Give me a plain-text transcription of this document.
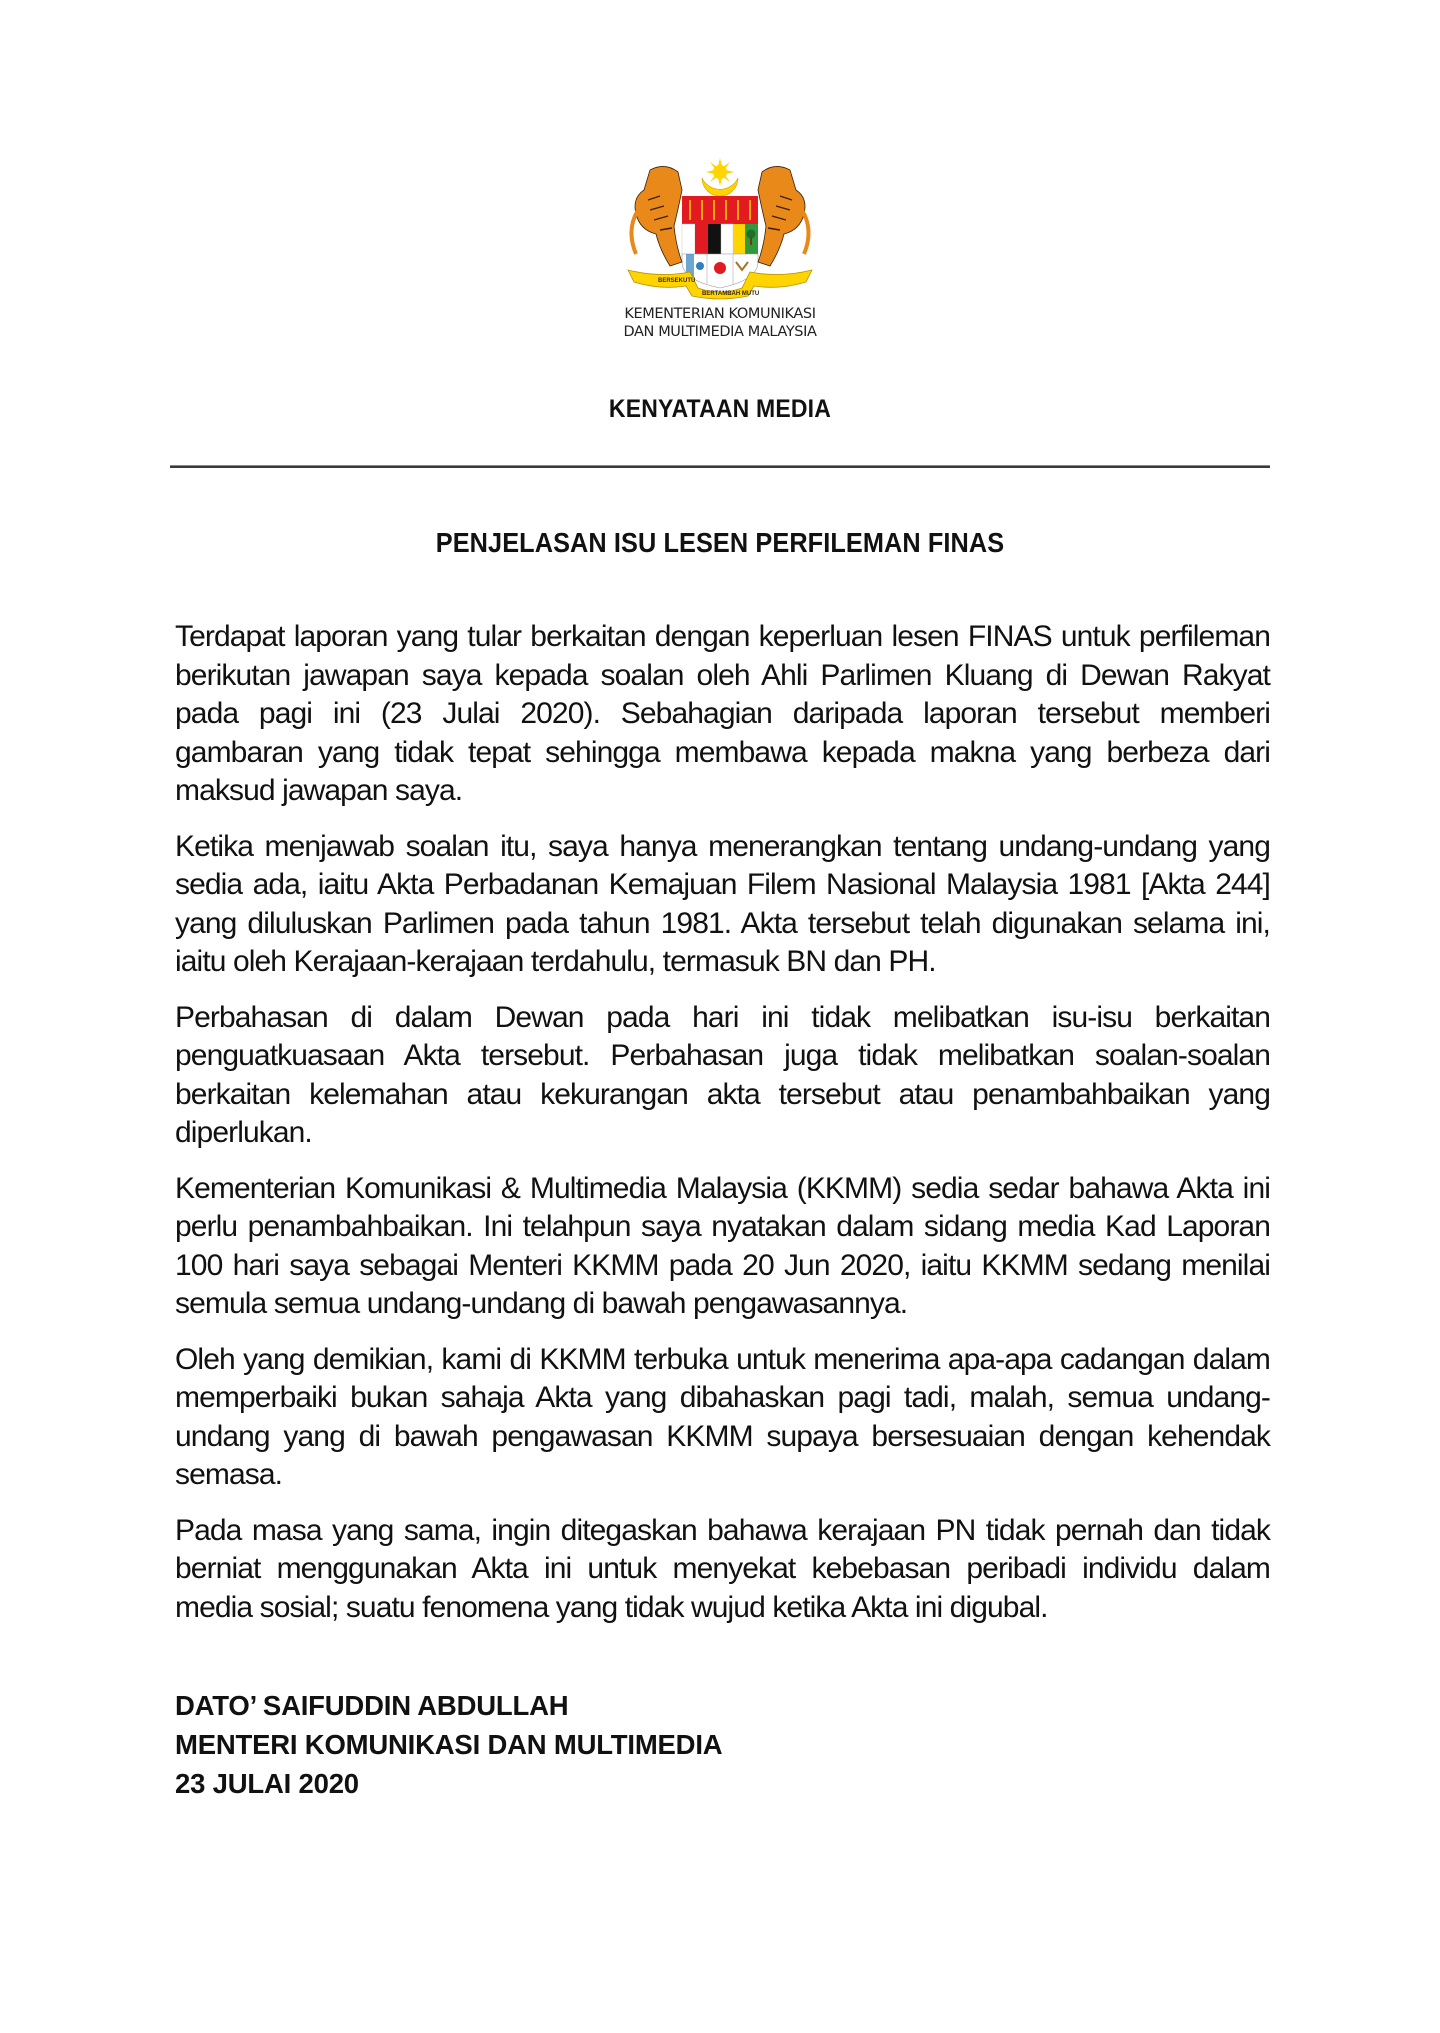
BERSEKUTU
BERTAMBAH MUTU
KEMENTERIAN KOMUNIKASI
DAN MULTIMEDIA MALAYSIA
KENYATAAN MEDIA
PENJELASAN ISU LESEN PERFILEMAN FINAS

Terdapat laporan yang tular berkaitan dengan keperluan lesen FINAS untuk perfileman berikutan jawapan saya kepada soalan oleh Ahli Parlimen Kluang di Dewan Rakyat pada pagi ini (23 Julai 2020). Sebahagian daripada laporan tersebut memberi gambaran yang tidak tepat sehingga membawa kepada makna yang berbeza dari maksud jawapan saya.

Ketika menjawab soalan itu, saya hanya menerangkan tentang undang-undang yang sedia ada, iaitu Akta Perbadanan Kemajuan Filem Nasional Malaysia 1981 [Akta 244] yang diluluskan Parlimen pada tahun 1981. Akta tersebut telah digunakan selama ini, iaitu oleh Kerajaan-kerajaan terdahulu, termasuk BN dan PH.

Perbahasan di dalam Dewan pada hari ini tidak melibatkan isu-isu berkaitan penguatkuasaan Akta tersebut. Perbahasan juga tidak melibatkan soalan-soalan berkaitan kelemahan atau kekurangan akta tersebut atau penambahbaikan yang diperlukan.

Kementerian Komunikasi & Multimedia Malaysia (KKMM) sedia sedar bahawa Akta ini perlu penambahbaikan. Ini telahpun saya nyatakan dalam sidang media Kad Laporan 100 hari saya sebagai Menteri KKMM pada 20 Jun 2020, iaitu KKMM sedang menilai semula semua undang-undang di bawah pengawasannya.

Oleh yang demikian, kami di KKMM terbuka untuk menerima apa-apa cadangan dalam memperbaiki bukan sahaja Akta yang dibahaskan pagi tadi, malah, semua undang-undang yang di bawah pengawasan KKMM supaya bersesuaian dengan kehendak semasa.

Pada masa yang sama, ingin ditegaskan bahawa kerajaan PN tidak pernah dan tidak berniat menggunakan Akta ini untuk menyekat kebebasan peribadi individu dalam media sosial; suatu fenomena yang tidak wujud ketika Akta ini digubal.

DATO’ SAIFUDDIN ABDULLAH
MENTERI KOMUNIKASI DAN MULTIMEDIA
23 JULAI 2020
